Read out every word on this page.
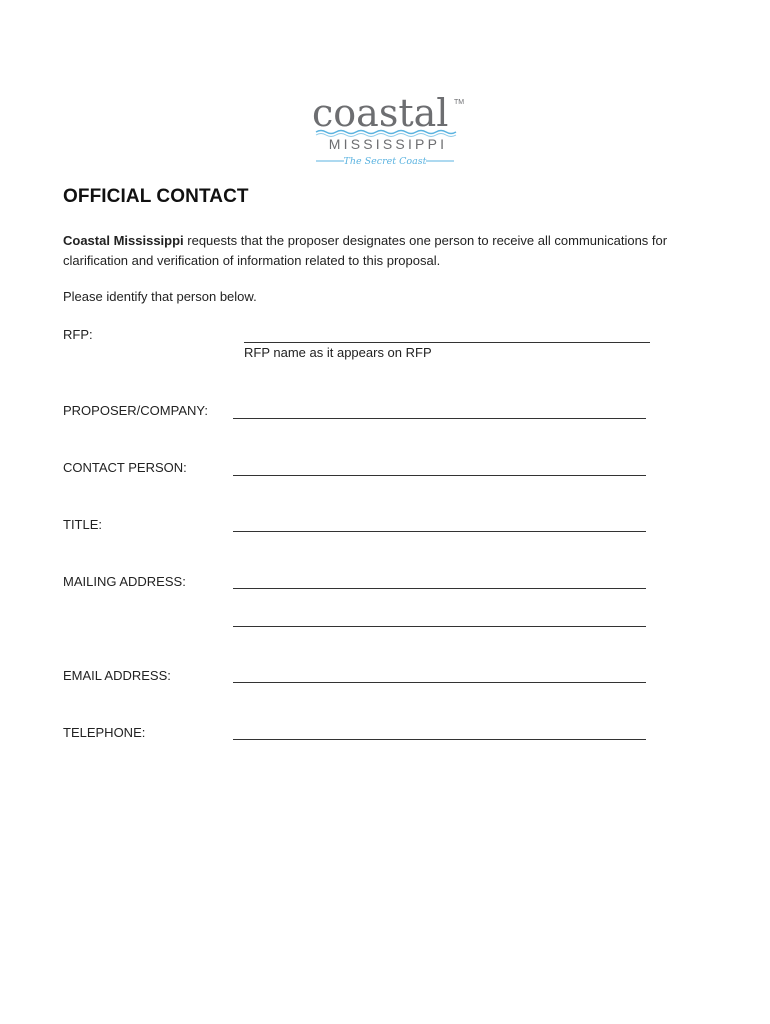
coastal TM
MISSISSIPPI
The Secret Coast
OFFICIAL CONTACT
Coastal Mississippi requests that the proposer designates one person to receive all communications for clarification and verification of information related to this proposal.
Please identify that person below.
RFP:
RFP name as it appears on RFP
PROPOSER/COMPANY:
CONTACT PERSON:
TITLE:
MAILING ADDRESS:
EMAIL ADDRESS:
TELEPHONE:
